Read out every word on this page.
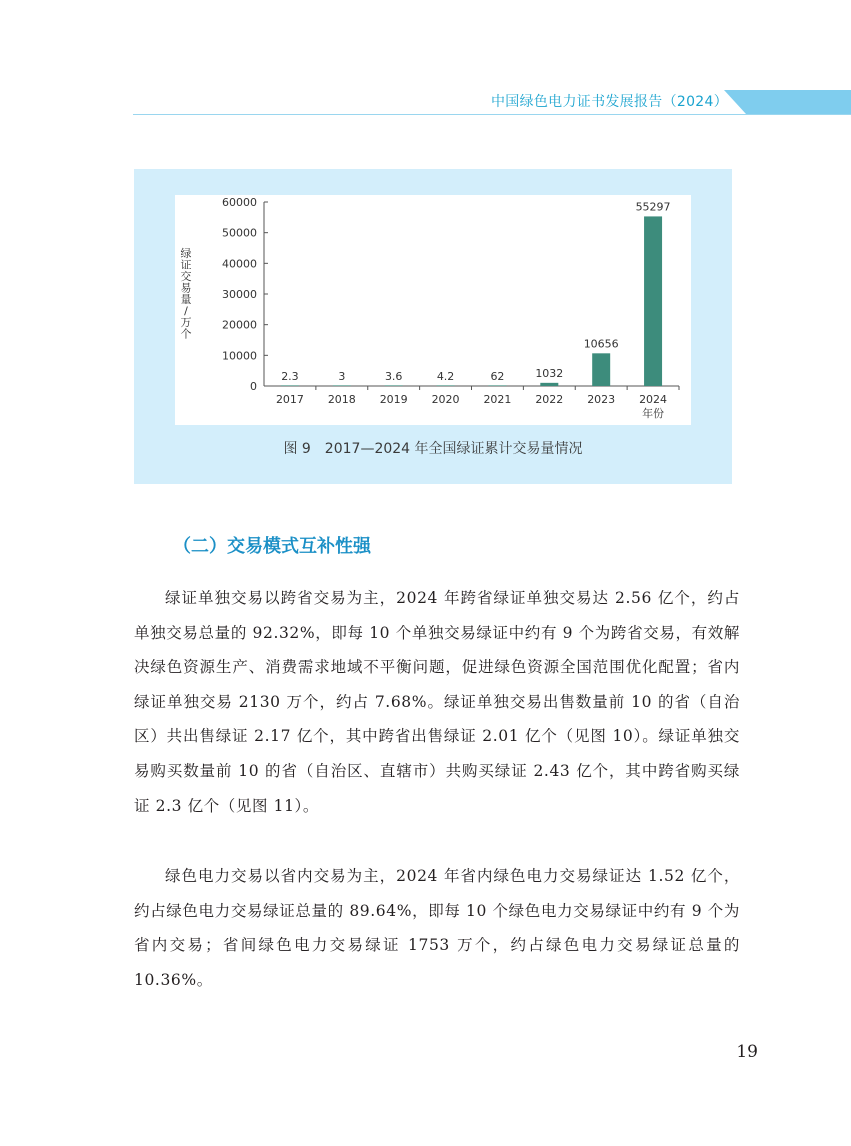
中国绿色电力证书发展报告（2024）
0
10000
20000
30000
40000
50000
60000
绿证交易量/万个
2017
2.3
2018
3
2019
3.6
2020
4.2
2021
62
2022
1032
2023
10656
2024
55297
年份
图 9　2017—2024 年全国绿证累计交易量情况
（二）交易模式互补性强

绿证单独交易以跨省交易为主，2024 年跨省绿证单独交易达 2.56 亿个，约占单独交易总量的 92.32%，即每 10 个单独交易绿证中约有 9 个为跨省交易，有效解决绿色资源生产、消费需求地域不平衡问题，促进绿色资源全国范围优化配置；省内绿证单独交易 2130 万个，约占 7.68%。绿证单独交易出售数量前 10 的省（自治区）共出售绿证 2.17 亿个，其中跨省出售绿证 2.01 亿个（见图 10）。绿证单独交易购买数量前 10 的省（自治区、直辖市）共购买绿证 2.43 亿个，其中跨省购买绿证 2.3 亿个（见图 11）。

绿色电力交易以省内交易为主，2024 年省内绿色电力交易绿证达 1.52 亿个，约占绿色电力交易绿证总量的 89.64%，即每 10 个绿色电力交易绿证中约有 9 个为省内交易；省间绿色电力交易绿证 1753 万个，约占绿色电力交易绿证总量的 10.36%。

19
